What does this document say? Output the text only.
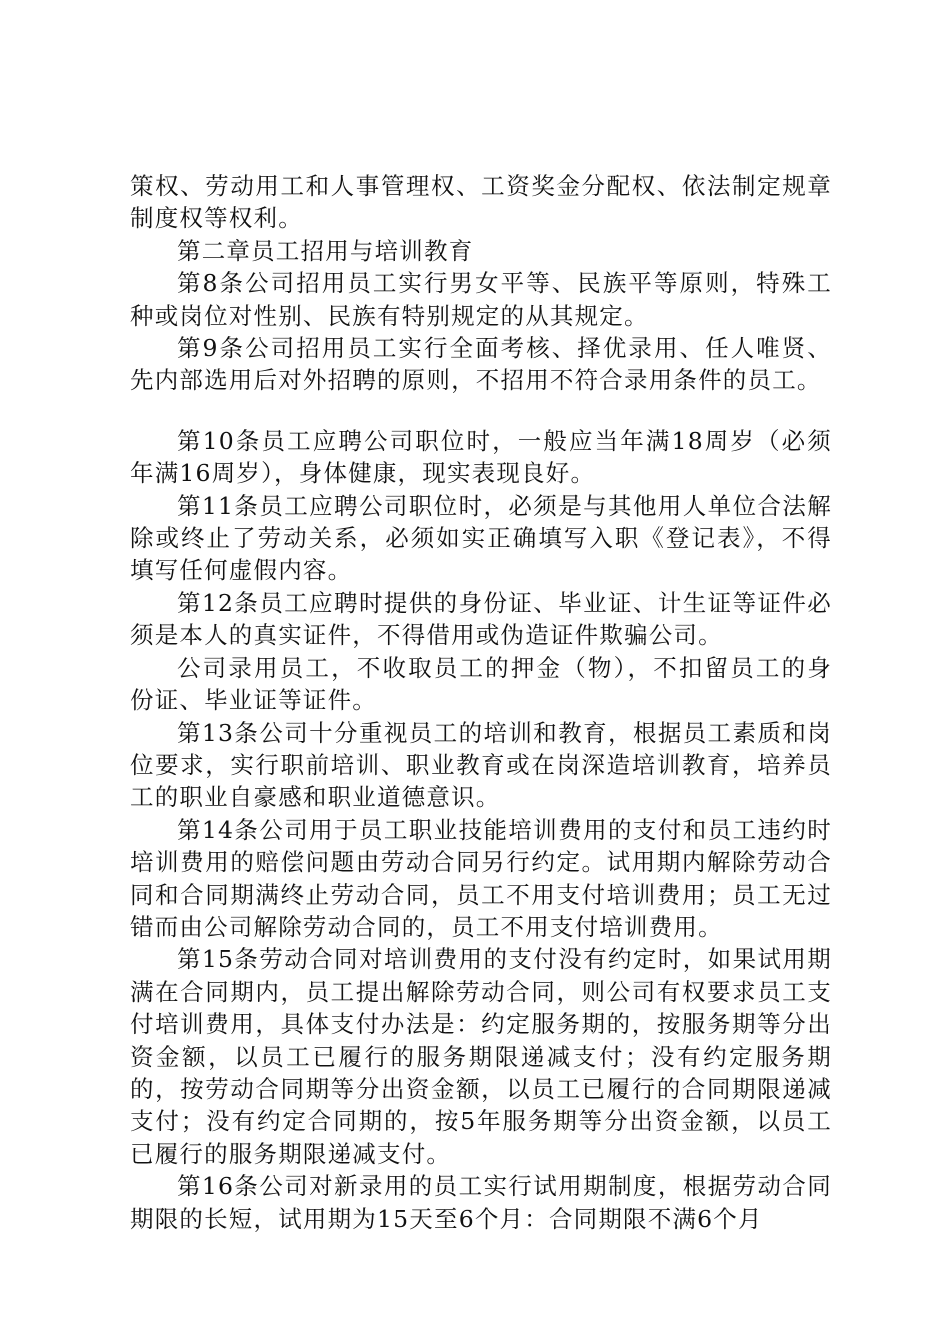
策权、劳动用工和人事管理权、工资奖金分配权、依法制定规章制度权等权利。

第二章员工招用与培训教育

第8条公司招用员工实行男女平等、民族平等原则，特殊工种或岗位对性别、民族有特别规定的从其规定。

第9条公司招用员工实行全面考核、择优录用、任人唯贤、先内部选用后对外招聘的原则，不招用不符合录用条件的员工。

第10条员工应聘公司职位时，一般应当年满18周岁（必须年满16周岁），身体健康，现实表现良好。

第11条员工应聘公司职位时，必须是与其他用人单位合法解除或终止了劳动关系，必须如实正确填写入职《登记表》，不得填写任何虚假内容。

第12条员工应聘时提供的身份证、毕业证、计生证等证件必须是本人的真实证件，不得借用或伪造证件欺骗公司。

公司录用员工，不收取员工的押金（物），不扣留员工的身份证、毕业证等证件。

第13条公司十分重视员工的培训和教育，根据员工素质和岗位要求，实行职前培训、职业教育或在岗深造培训教育，培养员工的职业自豪感和职业道德意识。

第14条公司用于员工职业技能培训费用的支付和员工违约时培训费用的赔偿问题由劳动合同另行约定。试用期内解除劳动合同和合同期满终止劳动合同，员工不用支付培训费用；员工无过错而由公司解除劳动合同的，员工不用支付培训费用。

第15条劳动合同对培训费用的支付没有约定时，如果试用期满在合同期内，员工提出解除劳动合同，则公司有权要求员工支付培训费用，具体支付办法是：约定服务期的，按服务期等分出资金额，以员工已履行的服务期限递减支付；没有约定服务期的，按劳动合同期等分出资金额，以员工已履行的合同期限递减支付；没有约定合同期的，按5年服务期等分出资金额，以员工已履行的服务期限递减支付。

第16条公司对新录用的员工实行试用期制度，根据劳动合同期限的长短，试用期为15天至6个月：合同期限不满6个月
